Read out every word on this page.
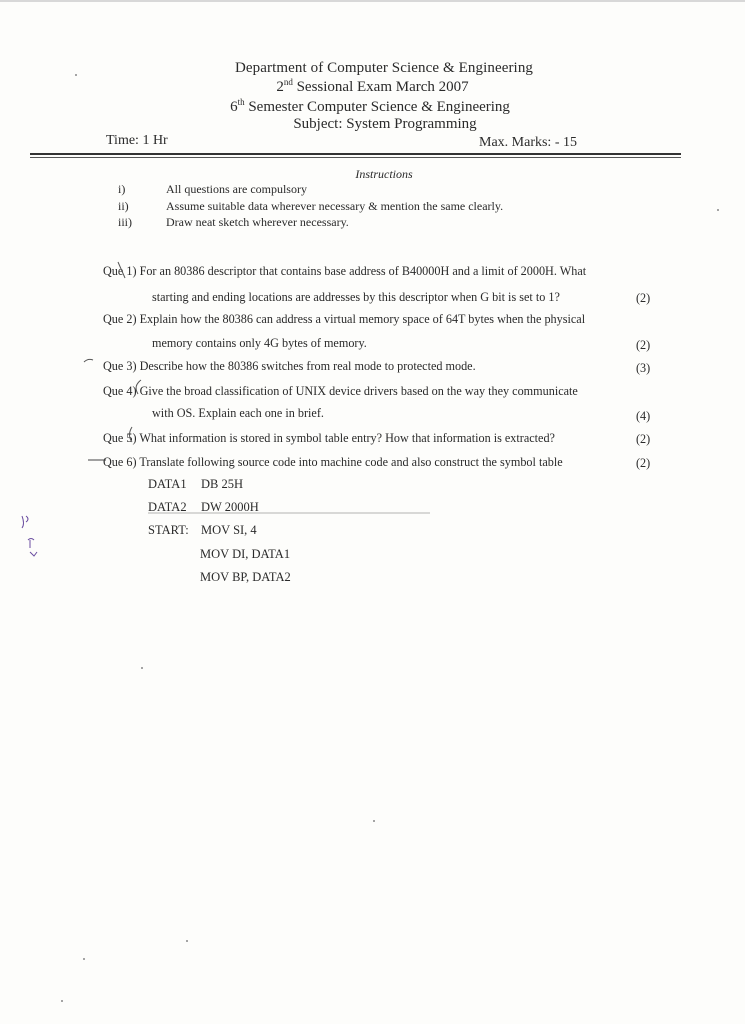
Department of Computer Science & Engineering
2nd Sessional Exam March 2007
6th Semester Computer Science & Engineering
Subject: System Programming
Time: 1 Hr	Max. Marks: - 15
Instructions
i)	All questions are compulsory
ii)	Assume suitable data wherever necessary & mention the same clearly.
iii)	Draw neat sketch wherever necessary.
Que 1) For an 80386 descriptor that contains base address of B40000H and a limit of 2000H. What
starting and ending locations are addresses by this descriptor when G bit is set to 1?	(2)
Que 2) Explain how the 80386 can address a virtual memory space of 64T bytes when the physical
memory contains only 4G bytes of memory.	(2)
Que 3) Describe how the 80386 switches from real mode to protected mode.	(3)
Que 4) Give the broad classification of UNIX device drivers based on the way they communicate
with OS. Explain each one in brief.	(4)
Que 5) What information is stored in symbol table entry? How that information is extracted?	(2)
Que 6) Translate following source code into machine code and also construct the symbol table	(2)
DATA1 DB 25H
DATA2 DW 2000H
START: MOV SI, 4
MOV DI, DATA1
MOV BP, DATA2
